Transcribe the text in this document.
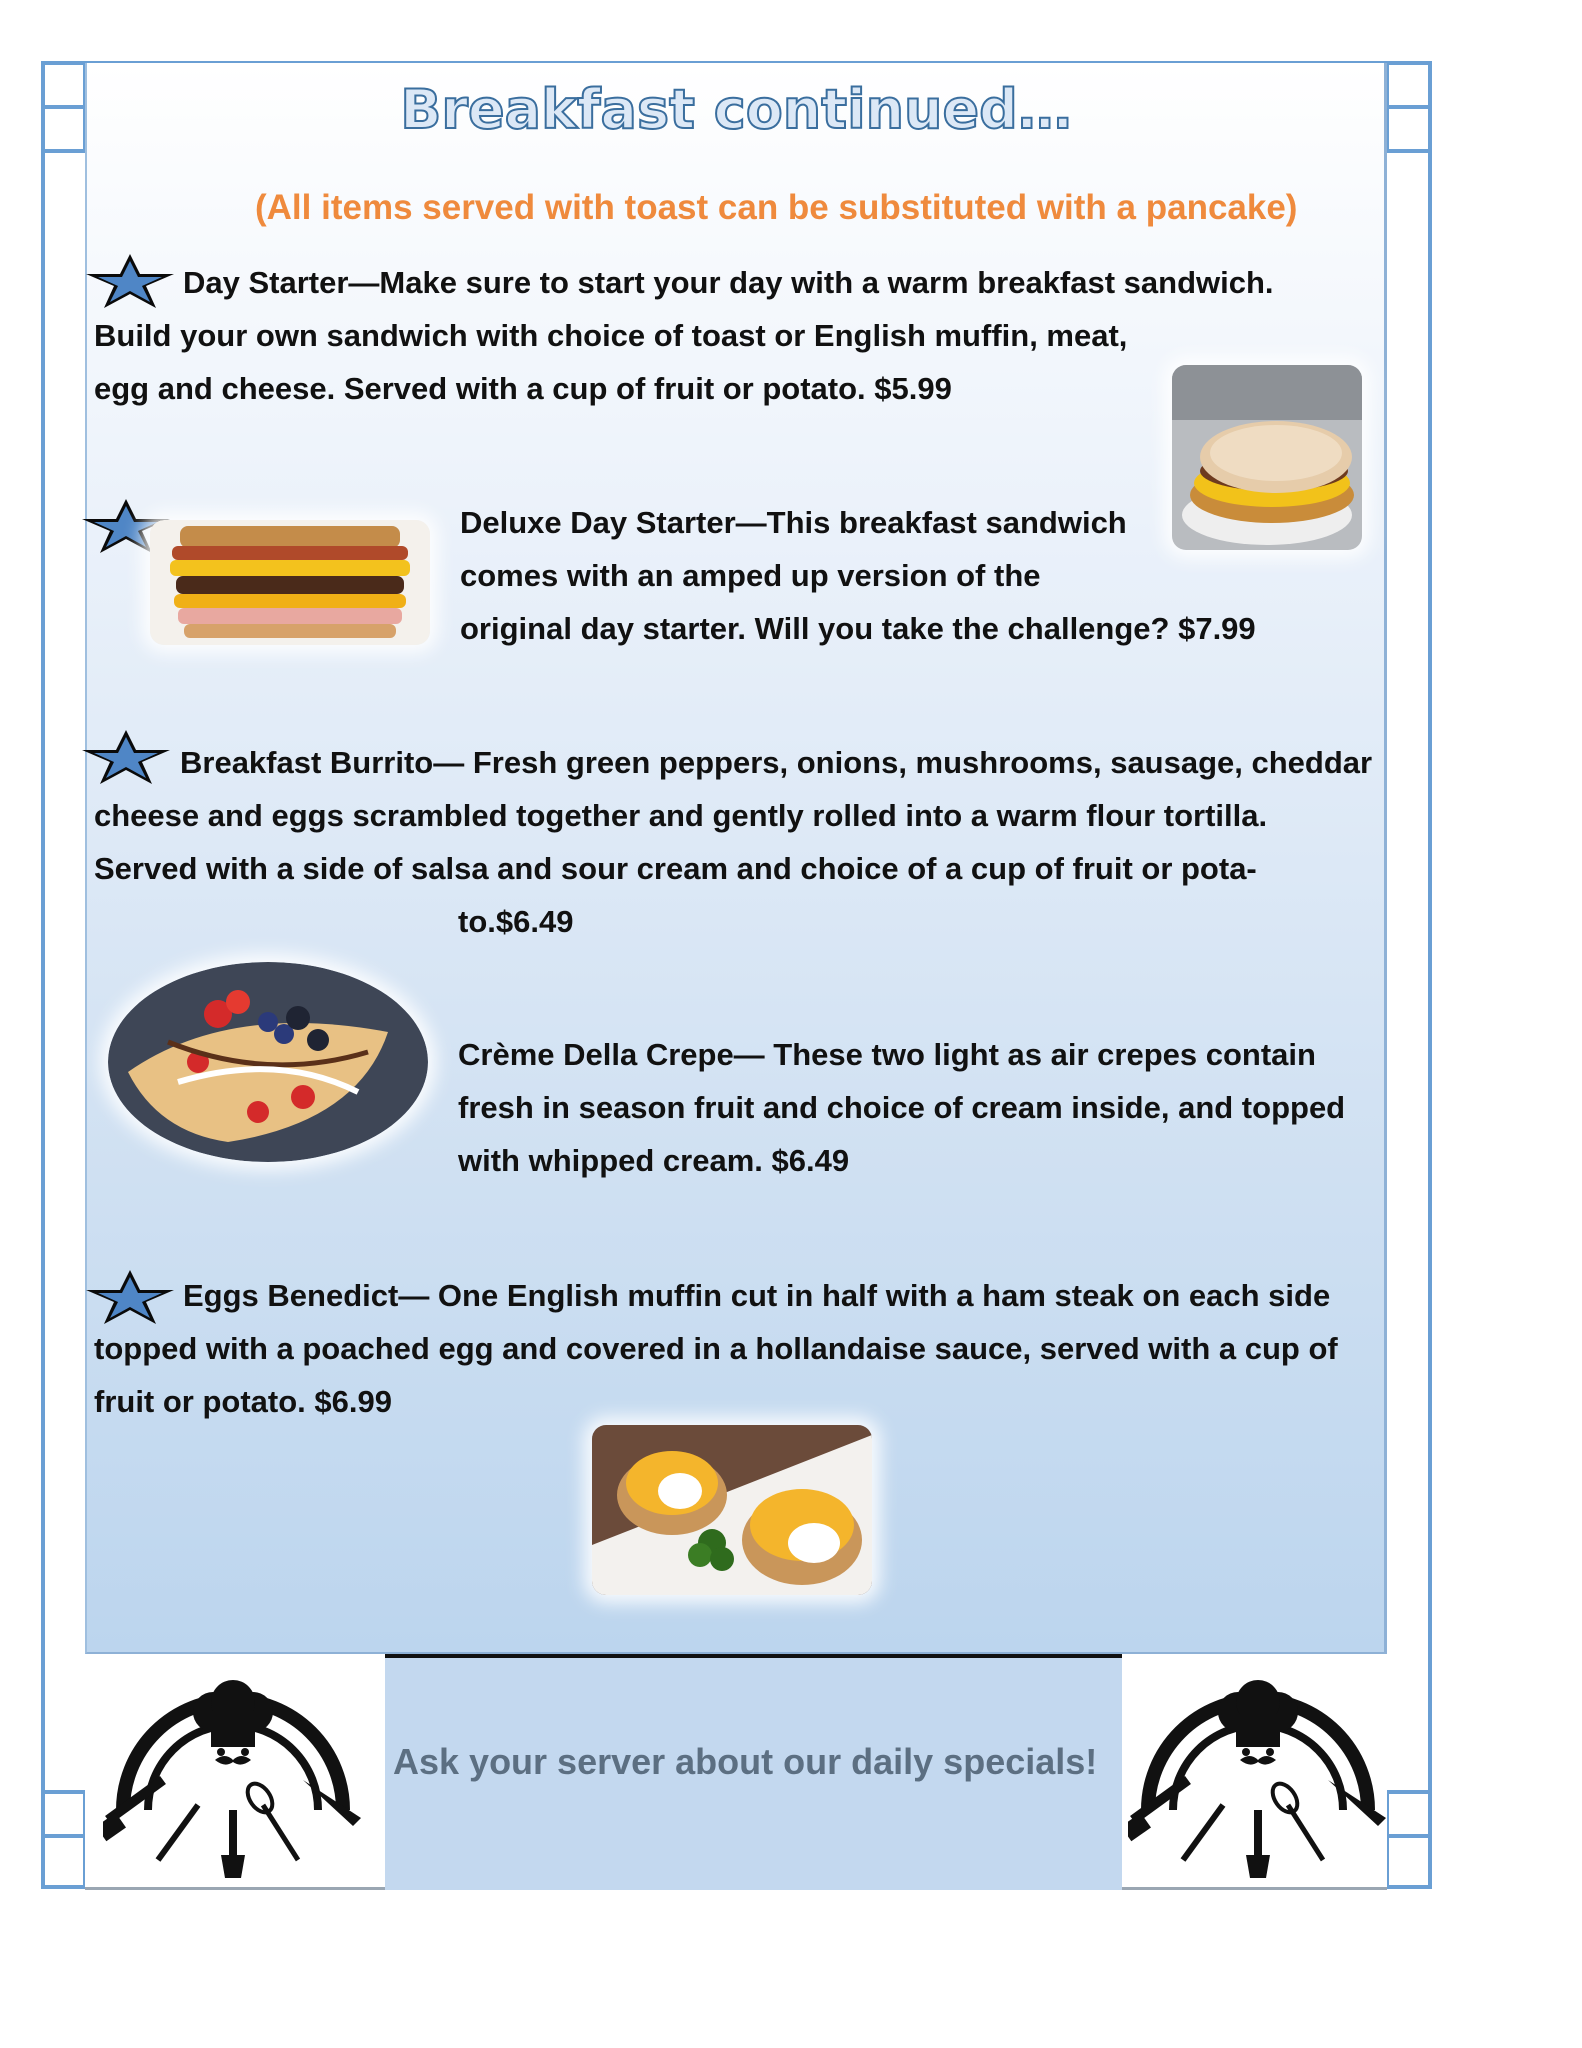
Breakfast continued…
(All items served with toast can be substituted with a pancake)
Day Starter—Make sure to start your day with a warm breakfast sandwich.
Build your own sandwich with choice of toast or English muffin, meat,
egg and cheese. Served with a cup of fruit or potato. $5.99
Deluxe Day Starter—This breakfast sandwich
comes with an amped up version of the
original day starter. Will you take the challenge? $7.99
Breakfast Burrito— Fresh green peppers, onions, mushrooms, sausage, cheddar
cheese and eggs scrambled together and gently rolled into a warm flour tortilla.
Served with a side of salsa and sour cream and choice of a cup of fruit or pota-
to.$6.49
Crème Della Crepe— These two light as air crepes contain
fresh in season fruit and choice of cream inside, and topped
with whipped cream. $6.49
Eggs Benedict— One English muffin cut in half with a ham steak on each side
topped with a poached egg and covered in a hollandaise sauce, served with a cup of
fruit or potato. $6.99
Ask your server about our daily specials!
